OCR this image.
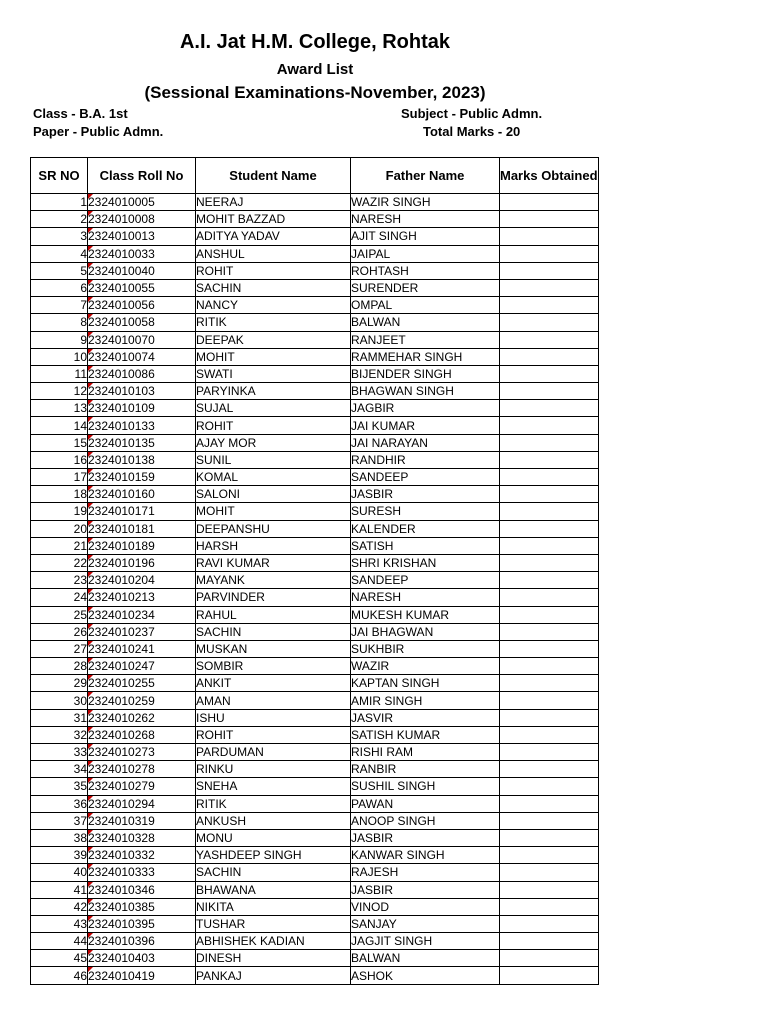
A.I. Jat H.M. College, Rohtak
Award List
(Sessional Examinations-November, 2023)
Class - B.A. 1st
Paper - Public Admn.
Subject - Public Admn.
Total Marks - 20
SR NO	Class Roll No	Student Name	Father Name	Marks Obtained
1	2324010005	NEERAJ	WAZIR SINGH	
2	2324010008	MOHIT BAZZAD	NARESH	
3	2324010013	ADITYA YADAV	AJIT SINGH	
4	2324010033	ANSHUL	JAIPAL	
5	2324010040	ROHIT	ROHTASH	
6	2324010055	SACHIN	SURENDER	
7	2324010056	NANCY	OMPAL	
8	2324010058	RITIK	BALWAN	
9	2324010070	DEEPAK	RANJEET	
10	2324010074	MOHIT	RAMMEHAR SINGH	
11	2324010086	SWATI	BIJENDER SINGH	
12	2324010103	PARYINKA	BHAGWAN SINGH	
13	2324010109	SUJAL	JAGBIR	
14	2324010133	ROHIT	JAI KUMAR	
15	2324010135	AJAY MOR	JAI NARAYAN	
16	2324010138	SUNIL	RANDHIR	
17	2324010159	KOMAL	SANDEEP	
18	2324010160	SALONI	JASBIR	
19	2324010171	MOHIT	SURESH	
20	2324010181	DEEPANSHU	KALENDER	
21	2324010189	HARSH	SATISH	
22	2324010196	RAVI KUMAR	SHRI KRISHAN	
23	2324010204	MAYANK	SANDEEP	
24	2324010213	PARVINDER	NARESH	
25	2324010234	RAHUL	MUKESH KUMAR	
26	2324010237	SACHIN	JAI BHAGWAN	
27	2324010241	MUSKAN	SUKHBIR	
28	2324010247	SOMBIR	WAZIR	
29	2324010255	ANKIT	KAPTAN SINGH	
30	2324010259	AMAN	AMIR SINGH	
31	2324010262	ISHU	JASVIR	
32	2324010268	ROHIT	SATISH KUMAR	
33	2324010273	PARDUMAN	RISHI RAM	
34	2324010278	RINKU	RANBIR	
35	2324010279	SNEHA	SUSHIL SINGH	
36	2324010294	RITIK	PAWAN	
37	2324010319	ANKUSH	ANOOP SINGH	
38	2324010328	MONU	JASBIR	
39	2324010332	YASHDEEP SINGH	KANWAR SINGH	
40	2324010333	SACHIN	RAJESH	
41	2324010346	BHAWANA	JASBIR	
42	2324010385	NIKITA	VINOD	
43	2324010395	TUSHAR	SANJAY	
44	2324010396	ABHISHEK KADIAN	JAGJIT SINGH	
45	2324010403	DINESH	BALWAN	
46	2324010419	PANKAJ	ASHOK	
